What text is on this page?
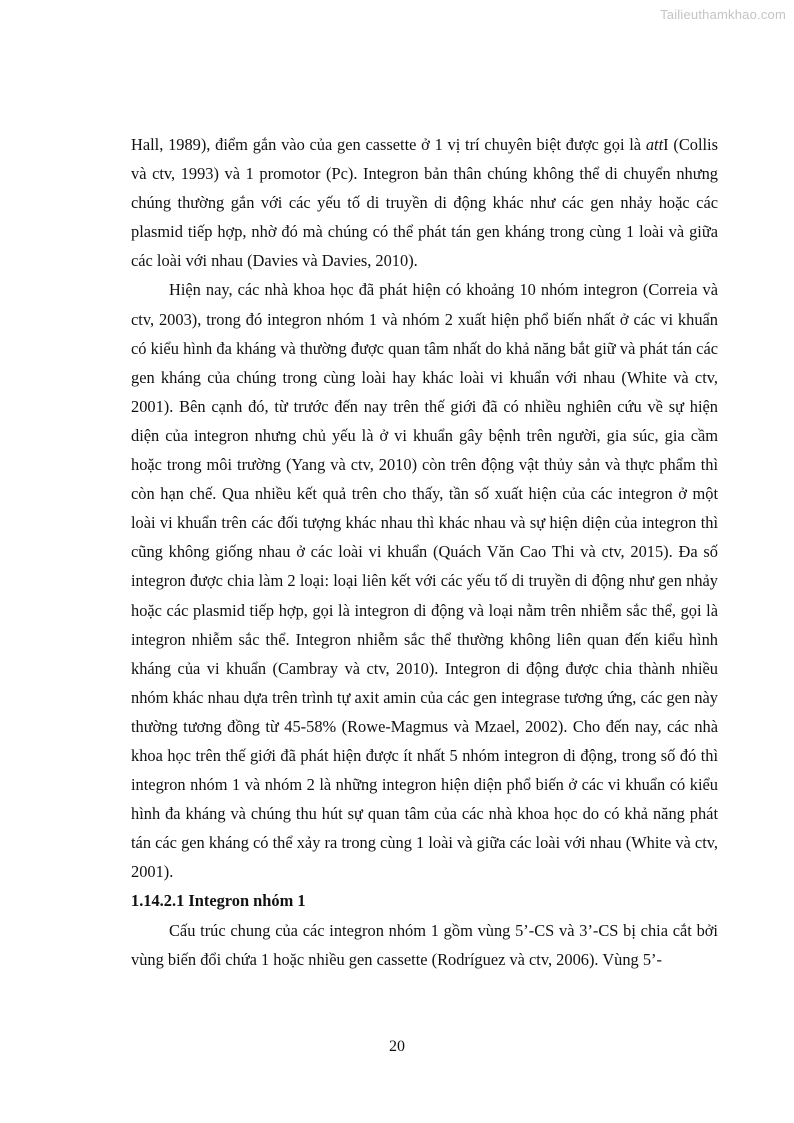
Tailieuthamkhao.com

Hall, 1989), điểm gắn vào của gen cassette ở 1 vị trí chuyên biệt được gọi là attI (Collis và ctv, 1993) và 1 promotor (Pc). Integron bản thân chúng không thể di chuyển nhưng chúng thường gắn với các yếu tố di truyền di động khác như các gen nhảy hoặc các plasmid tiếp hợp, nhờ đó mà chúng có thể phát tán gen kháng trong cùng 1 loài và giữa các loài với nhau (Davies và Davies, 2010).

Hiện nay, các nhà khoa học đã phát hiện có khoảng 10 nhóm integron (Correia và ctv, 2003), trong đó integron nhóm 1 và nhóm 2 xuất hiện phổ biến nhất ở các vi khuẩn có kiểu hình đa kháng và thường được quan tâm nhất do khả năng bắt giữ và phát tán các gen kháng của chúng trong cùng loài hay khác loài vi khuẩn với nhau (White và ctv, 2001). Bên cạnh đó, từ trước đến nay trên thế giới đã có nhiều nghiên cứu về sự hiện diện của integron nhưng chủ yếu là ở vi khuẩn gây bệnh trên người, gia súc, gia cầm hoặc trong môi trường (Yang và ctv, 2010) còn trên động vật thủy sản và thực phẩm thì còn hạn chế. Qua nhiều kết quả trên cho thấy, tần số xuất hiện của các integron ở một loài vi khuẩn trên các đối tượng khác nhau thì khác nhau và sự hiện diện của integron thì cũng không giống nhau ở các loài vi khuẩn (Quách Văn Cao Thi và ctv, 2015). Đa số integron được chia làm 2 loại: loại liên kết với các yếu tố di truyền di động như gen nhảy hoặc các plasmid tiếp hợp, gọi là integron di động và loại nằm trên nhiễm sắc thể, gọi là integron nhiễm sắc thể. Integron nhiễm sắc thể thường không liên quan đến kiểu hình kháng của vi khuẩn (Cambray và ctv, 2010). Integron di động được chia thành nhiều nhóm khác nhau dựa trên trình tự axit amin của các gen integrase tương ứng, các gen này thường tương đồng từ 45-58% (Rowe-Magmus và Mzael, 2002). Cho đến nay, các nhà khoa học trên thế giới đã phát hiện được ít nhất 5 nhóm integron di động, trong số đó thì integron nhóm 1 và nhóm 2 là những integron hiện diện phổ biến ở các vi khuẩn có kiểu hình đa kháng và chúng thu hút sự quan tâm của các nhà khoa học do có khả năng phát tán các gen kháng có thể xảy ra trong cùng 1 loài và giữa các loài với nhau (White và ctv, 2001).

1.14.2.1 Integron nhóm 1

Cấu trúc chung của các integron nhóm 1 gồm vùng 5’-CS và 3’-CS bị chia cắt bởi vùng biến đổi chứa 1 hoặc nhiều gen cassette (Rodríguez và ctv, 2006). Vùng 5’-

20
